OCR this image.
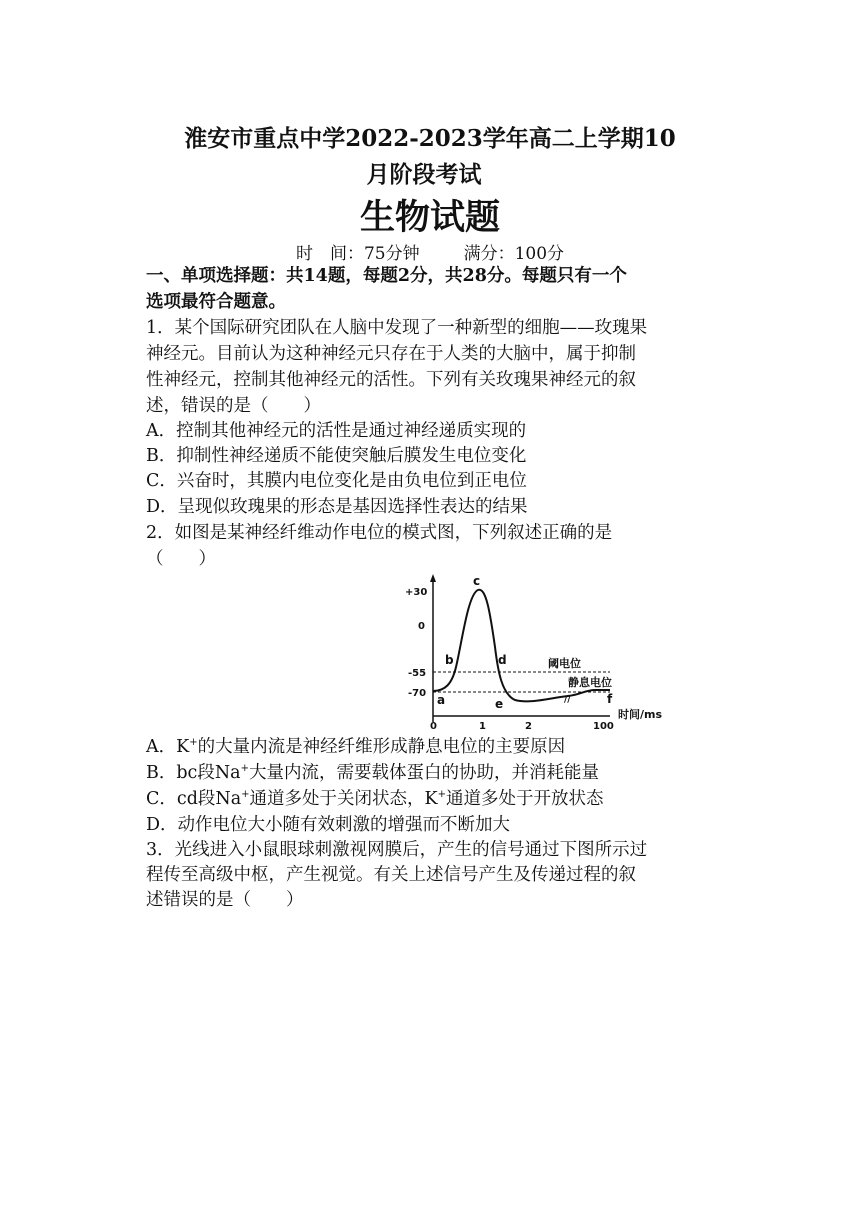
淮安市重点中学2022-2023学年高二上学期10
月阶段考试
生物试题
时　间：75分钟	满分：100分
一、单项选择题：共14题，每题2分，共28分。每题只有一个
选项最符合题意。
1．某个国际研究团队在人脑中发现了一种新型的细胞——玫瑰果
神经元。目前认为这种神经元只存在于人类的大脑中，属于抑制
性神经元，控制其他神经元的活性。下列有关玫瑰果神经元的叙
述，错误的是（　　）
A．控制其他神经元的活性是通过神经递质实现的
B．抑制性神经递质不能使突触后膜发生电位变化
C．兴奋时，其膜内电位变化是由负电位到正电位
D．呈现似玫瑰果的形态是基因选择性表达的结果
2．如图是某神经纤维动作电位的模式图，下列叙述正确的是
（　　）
+30
0
-55
-70
0	1	2	100
时间/ms
//
a
b
c
d
e	f
阈电位
静息电位
A．K+的大量内流是神经纤维形成静息电位的主要原因
B．bc段Na+大量内流，需要载体蛋白的协助，并消耗能量
C．cd段Na+通道多处于关闭状态，K+通道多处于开放状态
D．动作电位大小随有效刺激的增强而不断加大
3．光线进入小鼠眼球刺激视网膜后，产生的信号通过下图所示过
程传至高级中枢，产生视觉。有关上述信号产生及传递过程的叙
述错误的是（　　）
